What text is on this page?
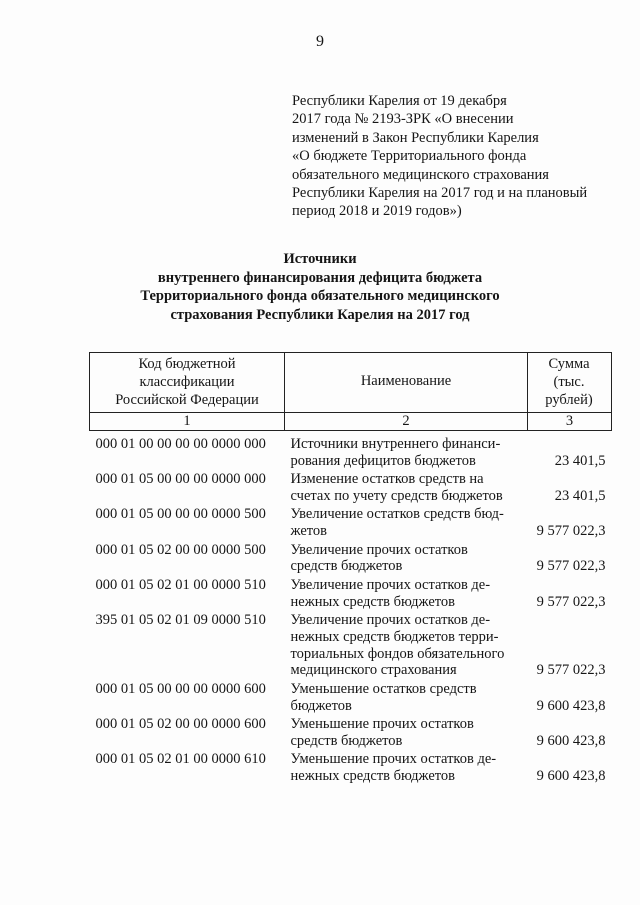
9
Республики Карелия от 19 декабря
2017 года № 2193-ЗРК «О внесении
изменений в Закон Республики Карелия
«О бюджете Территориального фонда
обязательного медицинского страхования
Республики Карелия на 2017 год и на плановый
период 2018 и 2019 годов»)
Источники
внутреннего финансирования дефицита бюджета
Территориального фонда обязательного медицинского
страхования Республики Карелия на 2017 год
Код бюджетной
классификации
Российской Федерации	Наименование	Сумма
(тыс.
рублей)
1	2	3
000 01 00 00 00 00 0000 000	Источники внутреннего финанси-
рования дефицитов бюджетов	23 401,5
000 01 05 00 00 00 0000 000	Изменение остатков средств на
счетах по учету средств бюджетов	23 401,5
000 01 05 00 00 00 0000 500	Увеличение остатков средств бюд-
жетов	9 577 022,3
000 01 05 02 00 00 0000 500	Увеличение прочих остатков
средств бюджетов	9 577 022,3
000 01 05 02 01 00 0000 510	Увеличение прочих остатков де-
нежных средств бюджетов	9 577 022,3
395 01 05 02 01 09 0000 510	Увеличение прочих остатков де-
нежных средств бюджетов терри-
ториальных фондов обязательного
медицинского страхования	9 577 022,3
000 01 05 00 00 00 0000 600	Уменьшение остатков средств
бюджетов	9 600 423,8
000 01 05 02 00 00 0000 600	Уменьшение прочих остатков
средств бюджетов	9 600 423,8
000 01 05 02 01 00 0000 610	Уменьшение прочих остатков де-
нежных средств бюджетов	9 600 423,8
